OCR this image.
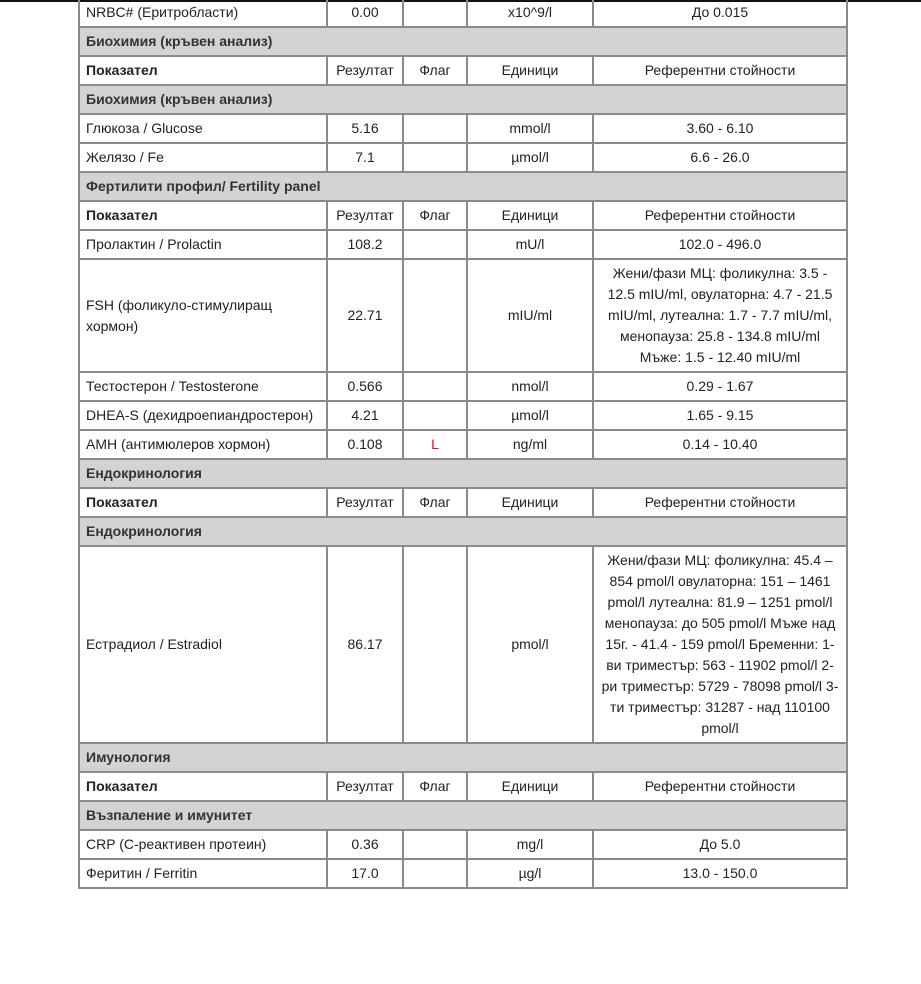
NRBC# (Еритробласти)	0.00		x10^9/l	До 0.015
Биохимия (кръвен анализ)				
Показател	Резултат	Флаг	Единици	Референтни стойности
Биохимия (кръвен анализ)				
Глюкоза / Glucose	5.16		mmol/l	3.60 - 6.10
Желязо / Fe	7.1		µmol/l	6.6 - 26.0
Фертилити профил/ Fertility panel				
Показател	Резултат	Флаг	Единици	Референтни стойности
Пролактин / Prolactin	108.2		mU/l	102.0 - 496.0
FSH (фоликуло-стимулиращ хормон)	22.71		mIU/ml	Жени/фази МЦ: фоликулна: 3.5 - 12.5 mIU/ml, овулаторна: 4.7 - 21.5 mIU/ml, лутеална: 1.7 - 7.7 mIU/ml, менопауза: 25.8 - 134.8 mIU/ml Мъже: 1.5 - 12.40 mIU/ml
Тестостерон / Testosterone	0.566		nmol/l	0.29 - 1.67
DHEA-S (дехидроепиандростерон)	4.21		µmol/l	1.65 - 9.15
AMH (антимюлеров хормон)	0.108	L	ng/ml	0.14 - 10.40
Ендокринология				
Показател	Резултат	Флаг	Единици	Референтни стойности
Ендокринология				
Естрадиол / Estradiol	86.17		pmol/l	Жени/фази МЦ: фоликулна: 45.4 – 854 pmol/l овулаторна: 151 – 1461 pmol/l лутеална: 81.9 – 1251 pmol/l менопауза: до 505 pmol/l Мъже над 15г. - 41.4 - 159 pmol/l Бременни: 1-ви триместър: 563 - 11902 pmol/l 2-ри триместър: 5729 - 78098 pmol/l 3-ти триместър: 31287 - над 110100 pmol/l
Имунология				
Показател	Резултат	Флаг	Единици	Референтни стойности
Възпаление и имунитет				
CRP (C-реактивен протеин)	0.36		mg/l	До 5.0
Феритин / Ferritin	17.0		µg/l	13.0 - 150.0
